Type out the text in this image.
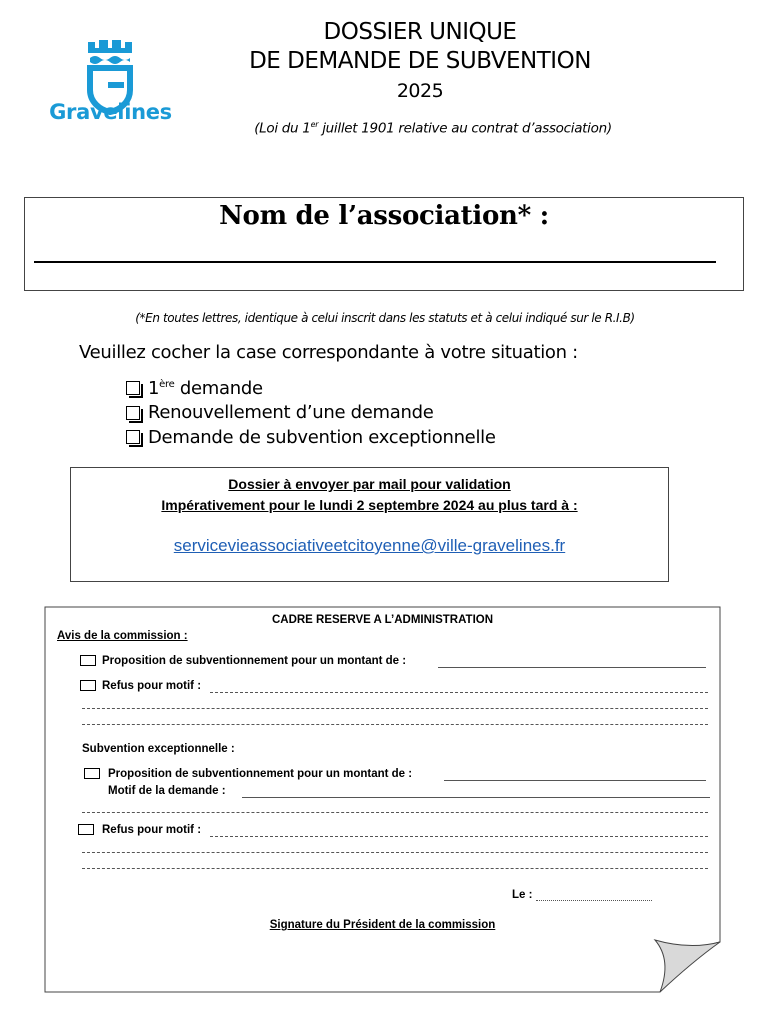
Gravelines
DOSSIER UNIQUE
DE DEMANDE DE SUBVENTION
2025
(Loi du 1er juillet 1901 relative au contrat d’association)
Nom de l’association* :
(*En toutes lettres, identique à celui inscrit dans les statuts et à celui indiqué sur le R.I.B)
Veuillez cocher la case correspondante à votre situation :
1ère demande
Renouvellement d’une demande
Demande de subvention exceptionnelle
Dossier à envoyer par mail pour validation
Impérativement pour le lundi 2 septembre 2024 au plus tard à :
servicevieassociativeetcitoyenne@ville-gravelines.fr
CADRE RESERVE A L’ADMINISTRATION
Avis de la commission :
Proposition de subventionnement pour un montant de :
Refus pour motif :
Subvention exceptionnelle :
Proposition de subventionnement pour un montant de :
Motif de la demande :
Refus pour motif :
Le :
Signature du Président de la commission
